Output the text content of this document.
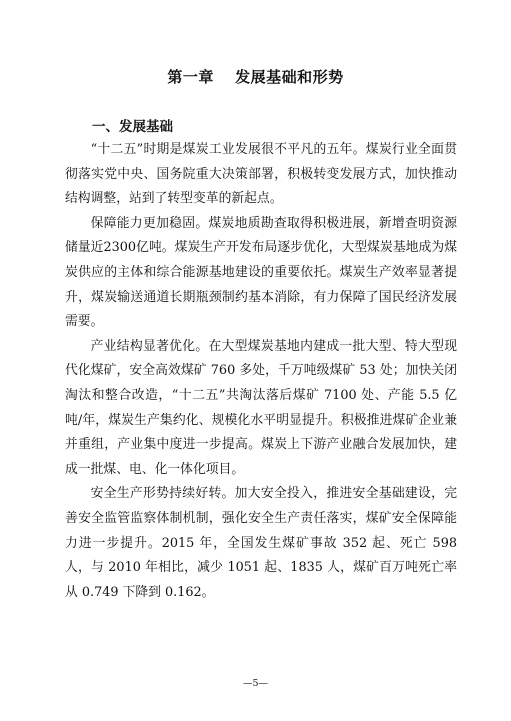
第一章　 发展基础和形势
一、发展基础

“十二五”时期是煤炭工业发展很不平凡的五年。煤炭行业全面贯彻落实党中央、国务院重大决策部署，积极转变发展方式，加快推动结构调整，站到了转型变革的新起点。

保障能力更加稳固。煤炭地质勘查取得积极进展，新增查明资源储量近2300亿吨。煤炭生产开发布局逐步优化，大型煤炭基地成为煤炭供应的主体和综合能源基地建设的重要依托。煤炭生产效率显著提升，煤炭输送通道长期瓶颈制约基本消除，有力保障了国民经济发展需要。

产业结构显著优化。在大型煤炭基地内建成一批大型、特大型现代化煤矿，安全高效煤矿 760 多处，千万吨级煤矿 53 处；加快关闭淘汰和整合改造，“十二五”共淘汰落后煤矿 7100 处、产能 5.5 亿吨/年，煤炭生产集约化、规模化水平明显提升。积极推进煤矿企业兼并重组，产业集中度进一步提高。煤炭上下游产业融合发展加快，建成一批煤、电、化一体化项目。

安全生产形势持续好转。加大安全投入，推进安全基础建设，完善安全监管监察体制机制，强化安全生产责任落实，煤矿安全保障能力进一步提升。2015 年，全国发生煤矿事故 352 起、死亡 598 人，与 2010 年相比，减少 1051 起、1835 人，煤矿百万吨死亡率从 0.749 下降到 0.162。

—5—
